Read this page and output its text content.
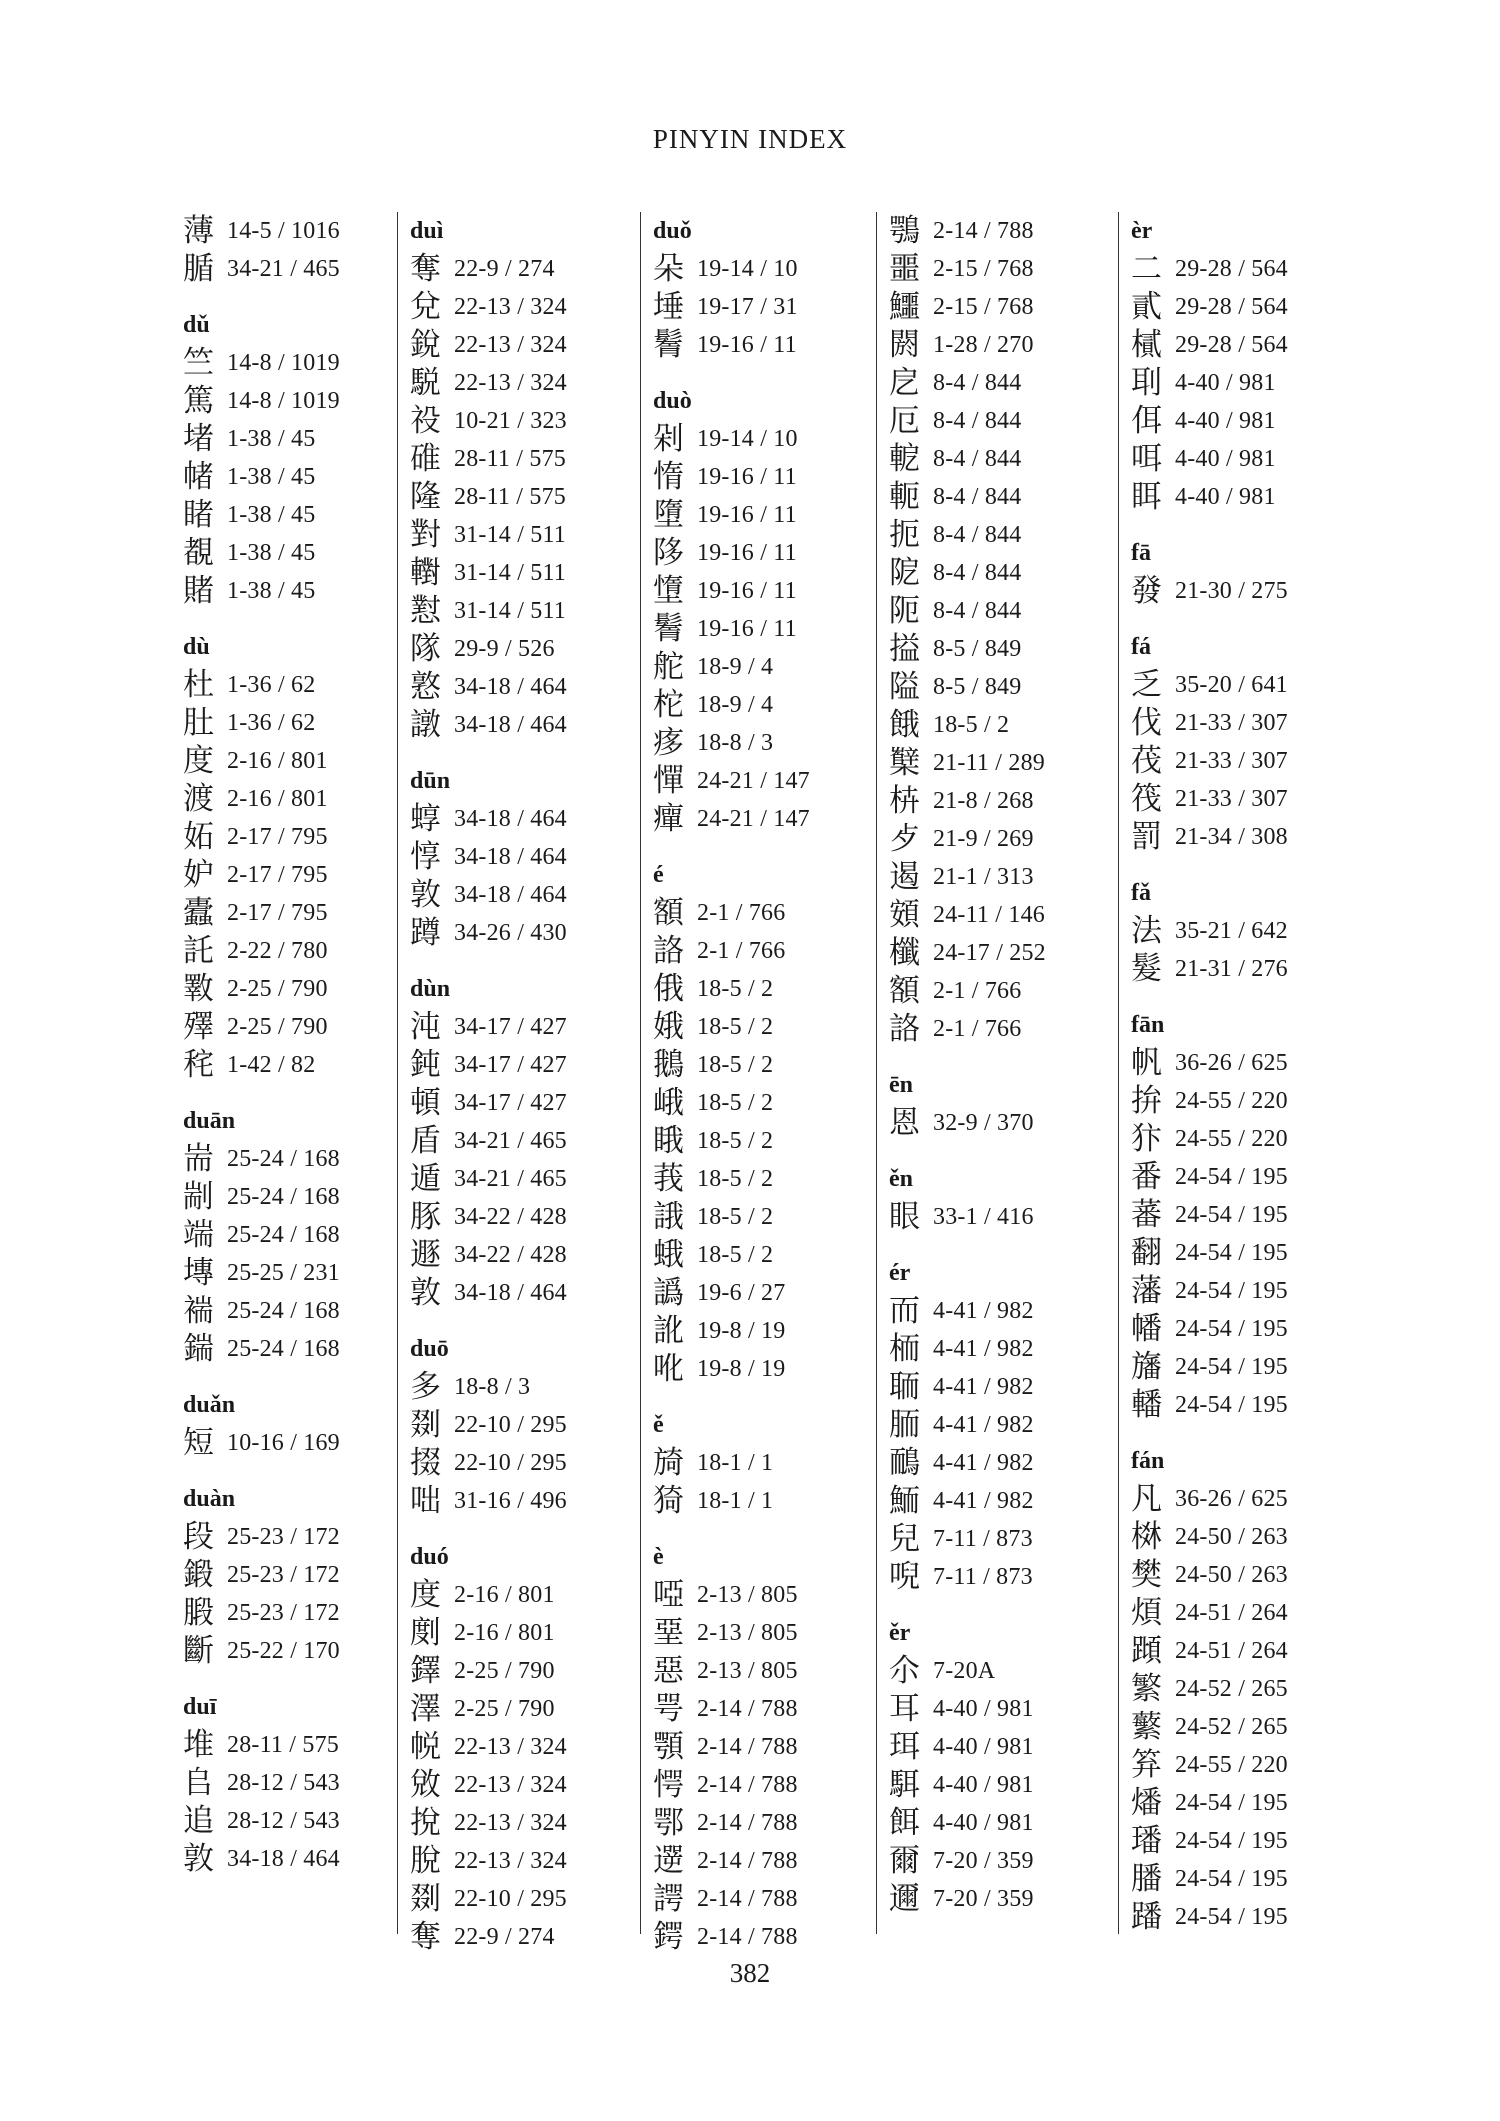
PINYIN INDEX
薄 14-5 / 1016
腯 34-21 / 465
dǔ
竺 14-8 / 1019
篤 14-8 / 1019
堵 1-38 / 45
帾 1-38 / 45
睹 1-38 / 45
覩 1-38 / 45
賭 1-38 / 45
dù
杜 1-36 / 62
肚 1-36 / 62
度 2-16 / 801
渡 2-16 / 801
妬 2-17 / 795
妒 2-17 / 795
蠹 2-17 / 795
託 2-22 / 780
斁 2-25 / 790
殬 2-25 / 790
秺 1-42 / 82
duān
耑 25-24 / 168
剬 25-24 / 168
端 25-24 / 168
塼 25-25 / 231
褍 25-24 / 168
鍴 25-24 / 168
duǎn
短 10-16 / 169
duàn
段 25-23 / 172
鍛 25-23 / 172
腶 25-23 / 172
斷 25-22 / 170
duī
堆 28-11 / 575
𠂤 28-12 / 543
追 28-12 / 543
敦 34-18 / 464
duì
奪 22-9 / 274
兌 22-13 / 324
銳 22-13 / 324
駾 22-13 / 324
祋 10-21 / 323
碓 28-11 / 575
隆 28-11 / 575
對 31-14 / 511
轛 31-14 / 511
懟 31-14 / 511
隊 29-9 / 526
憝 34-18 / 464
譈 34-18 / 464
dūn
蜳 34-18 / 464
惇 34-18 / 464
敦 34-18 / 464
蹲 34-26 / 430
dùn
沌 34-17 / 427
鈍 34-17 / 427
頓 34-17 / 427
盾 34-21 / 465
遁 34-21 / 465
豚 34-22 / 428
遯 34-22 / 428
敦 34-18 / 464
duō
多 18-8 / 3
剟 22-10 / 295
掇 22-10 / 295
咄 31-16 / 496
duó
度 2-16 / 801
剫 2-16 / 801
鐸 2-25 / 790
澤 2-25 / 790
帨 22-13 / 324
敓 22-13 / 324
挩 22-13 / 324
脫 22-13 / 324
剟 22-10 / 295
奪 22-9 / 274
duǒ
朵 19-14 / 10
埵 19-17 / 31
鬌 19-16 / 11
duò
剁 19-14 / 10
惰 19-16 / 11
墮 19-16 / 11
陊 19-16 / 11
墯 19-16 / 11
鬌 19-16 / 11
舵 18-9 / 4
柁 18-9 / 4
痑 18-8 / 3
憚 24-21 / 147
癉 24-21 / 147
é
額 2-1 / 766
詻 2-1 / 766
俄 18-5 / 2
娥 18-5 / 2
鵝 18-5 / 2
峨 18-5 / 2
睋 18-5 / 2
莪 18-5 / 2
誐 18-5 / 2
蛾 18-5 / 2
譌 19-6 / 27
訛 19-8 / 19
吪 19-8 / 19
ě
旑 18-1 / 1
猗 18-1 / 1
è
啞 2-13 / 805
堊 2-13 / 805
惡 2-13 / 805
咢 2-14 / 788
顎 2-14 / 788
愕 2-14 / 788
鄂 2-14 / 788
遻 2-14 / 788
諤 2-14 / 788
鍔 2-14 / 788
鶚 2-14 / 788
噩 2-15 / 768
鱷 2-15 / 768
閼 1-28 / 270
戹 8-4 / 844
厄 8-4 / 844
軶 8-4 / 844
軛 8-4 / 844
扼 8-4 / 844
阸 8-4 / 844
阨 8-4 / 844
搤 8-5 / 849
隘 8-5 / 849
餓 18-5 / 2
櫱 21-11 / 289
枿 21-8 / 268
歺 21-9 / 269
遏 21-1 / 313
頞 24-11 / 146
櫼 24-17 / 252
額 2-1 / 766
詻 2-1 / 766
ēn
恩 32-9 / 370
ěn
眼 33-1 / 416
ér
而 4-41 / 982
栭 4-41 / 982
聏 4-41 / 982
胹 4-41 / 982
鴯 4-41 / 982
鮞 4-41 / 982
兒 7-11 / 873
唲 7-11 / 873
ěr
尒 7-20A
耳 4-40 / 981
珥 4-40 / 981
駬 4-40 / 981
餌 4-40 / 981
爾 7-20 / 359
邇 7-20 / 359
èr
二 29-28 / 564
貳 29-28 / 564
樲 29-28 / 564
刵 4-40 / 981
佴 4-40 / 981
咡 4-40 / 981
眲 4-40 / 981
fā
發 21-30 / 275
fá
乏 35-20 / 641
伐 21-33 / 307
茷 21-33 / 307
筏 21-33 / 307
罰 21-34 / 308
fǎ
法 35-21 / 642
髮 21-31 / 276
fān
帆 36-26 / 625
拚 24-55 / 220
犿 24-55 / 220
番 24-54 / 195
蕃 24-54 / 195
翻 24-54 / 195
藩 24-54 / 195
幡 24-54 / 195
旛 24-54 / 195
轓 24-54 / 195
fán
凡 36-26 / 625
棥 24-50 / 263
樊 24-50 / 263
煩 24-51 / 264
蹞 24-51 / 264
繁 24-52 / 265
蘩 24-52 / 265
笲 24-55 / 220
燔 24-54 / 195
璠 24-54 / 195
膰 24-54 / 195
蹯 24-54 / 195
382
